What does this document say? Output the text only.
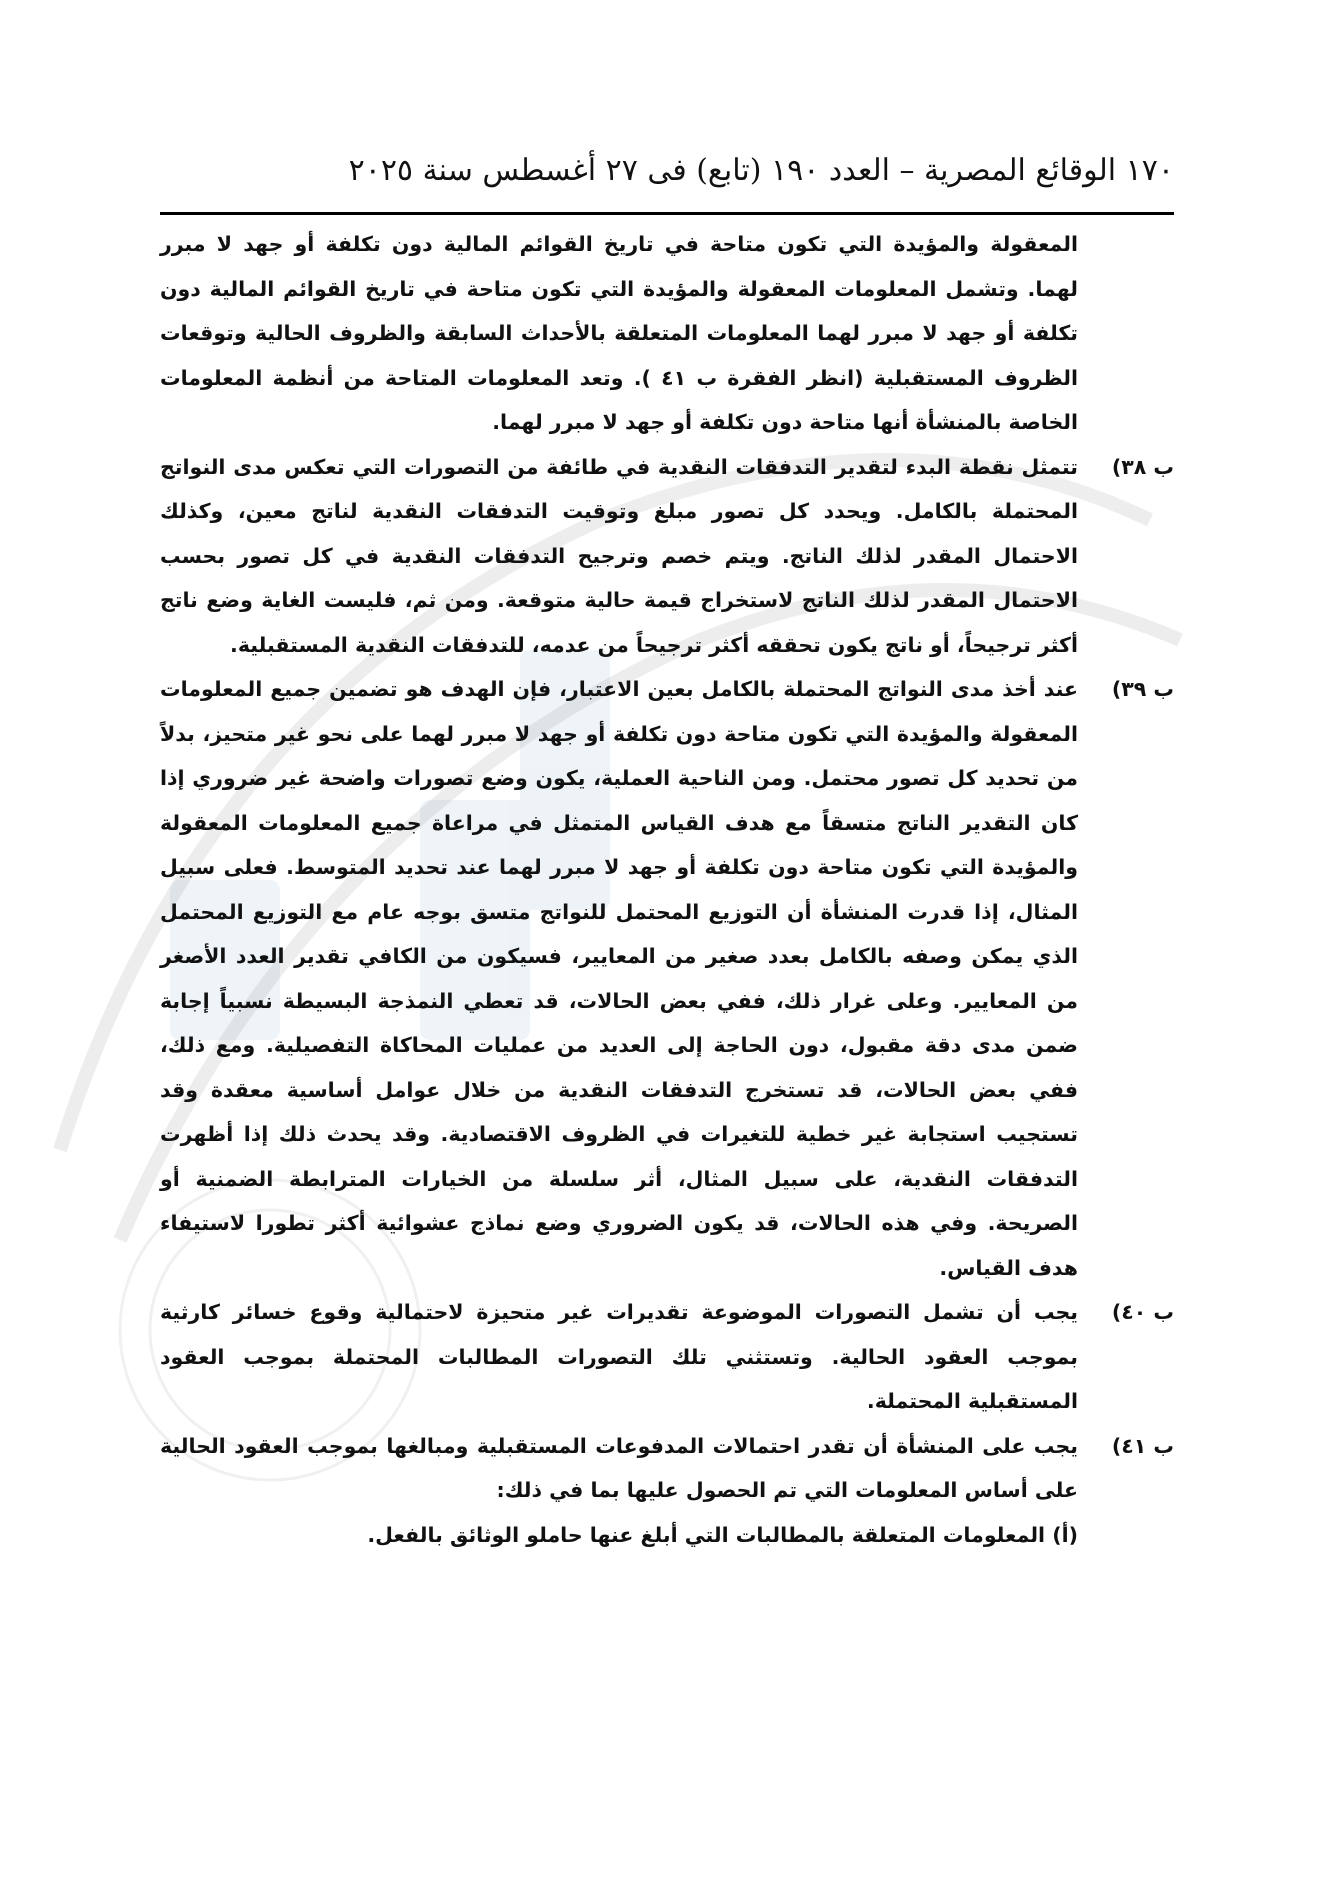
١٧٠ الوقائع المصرية – العدد ١٩٠ (تابع) فى ٢٧ أغسطس سنة ٢٠٢٥
المعقولة والمؤيدة التي تكون متاحة في تاريخ القوائم المالية دون تكلفة أو جهد لا مبرر لهما. وتشمل المعلومات المعقولة والمؤيدة التي تكون متاحة في تاريخ القوائم المالية دون تكلفة أو جهد لا مبرر لهما المعلومات المتعلقة بالأحداث السابقة والظروف الحالية وتوقعات الظروف المستقبلية (انظر الفقرة ب ٤١ ). وتعد المعلومات المتاحة من أنظمة المعلومات الخاصة بالمنشأة أنها متاحة دون تكلفة أو جهد لا مبرر لهما.
ب ٣٨)
تتمثل نقطة البدء لتقدير التدفقات النقدية في طائفة من التصورات التي تعكس مدى النواتج المحتملة بالكامل. ويحدد كل تصور مبلغ وتوقيت التدفقات النقدية لناتج معين، وكذلك الاحتمال المقدر لذلك الناتج. ويتم خصم وترجيح التدفقات النقدية في كل تصور بحسب الاحتمال المقدر لذلك الناتج لاستخراج قيمة حالية متوقعة. ومن ثم، فليست الغاية وضع ناتج أكثر ترجيحاً، أو ناتج يكون تحققه أكثر ترجيحاً من عدمه، للتدفقات النقدية المستقبلية.
ب ٣٩)
عند أخذ مدى النواتج المحتملة بالكامل بعين الاعتبار، فإن الهدف هو تضمين جميع المعلومات المعقولة والمؤيدة التي تكون متاحة دون تكلفة أو جهد لا مبرر لهما على نحو غير متحيز، بدلاً من تحديد كل تصور محتمل. ومن الناحية العملية، يكون وضع تصورات واضحة غير ضروري إذا كان التقدير الناتج متسقاً مع هدف القياس المتمثل في مراعاة جميع المعلومات المعقولة والمؤيدة التي تكون متاحة دون تكلفة أو جهد لا مبرر لهما عند تحديد المتوسط. فعلى سبيل المثال، إذا قدرت المنشأة أن التوزيع المحتمل للنواتج متسق بوجه عام مع التوزيع المحتمل الذي يمكن وصفه بالكامل بعدد صغير من المعايير، فسيكون من الكافي تقدير العدد الأصغر من المعايير. وعلى غرار ذلك، ففي بعض الحالات، قد تعطي النمذجة البسيطة نسبياً إجابة ضمن مدى دقة مقبول، دون الحاجة إلى العديد من عمليات المحاكاة التفصيلية. ومع ذلك، ففي بعض الحالات، قد تستخرج التدفقات النقدية من خلال عوامل أساسية معقدة وقد تستجيب استجابة غير خطية للتغيرات في الظروف الاقتصادية. وقد يحدث ذلك إذا أظهرت التدفقات النقدية، على سبيل المثال، أثر سلسلة من الخيارات المترابطة الضمنية أو الصريحة. وفي هذه الحالات، قد يكون الضروري وضع نماذج عشوائية أكثر تطورا لاستيفاء هدف القياس.
ب ٤٠)
يجب أن تشمل التصورات الموضوعة تقديرات غير متحيزة لاحتمالية وقوع خسائر كارثية بموجب العقود الحالية. وتستثني تلك التصورات المطالبات المحتملة بموجب العقود المستقبلية المحتملة.
ب ٤١)
يجب على المنشأة أن تقدر احتمالات المدفوعات المستقبلية ومبالغها بموجب العقود الحالية على أساس المعلومات التي تم الحصول عليها بما في ذلك:
(أ) المعلومات المتعلقة بالمطالبات التي أبلغ عنها حاملو الوثائق بالفعل.
